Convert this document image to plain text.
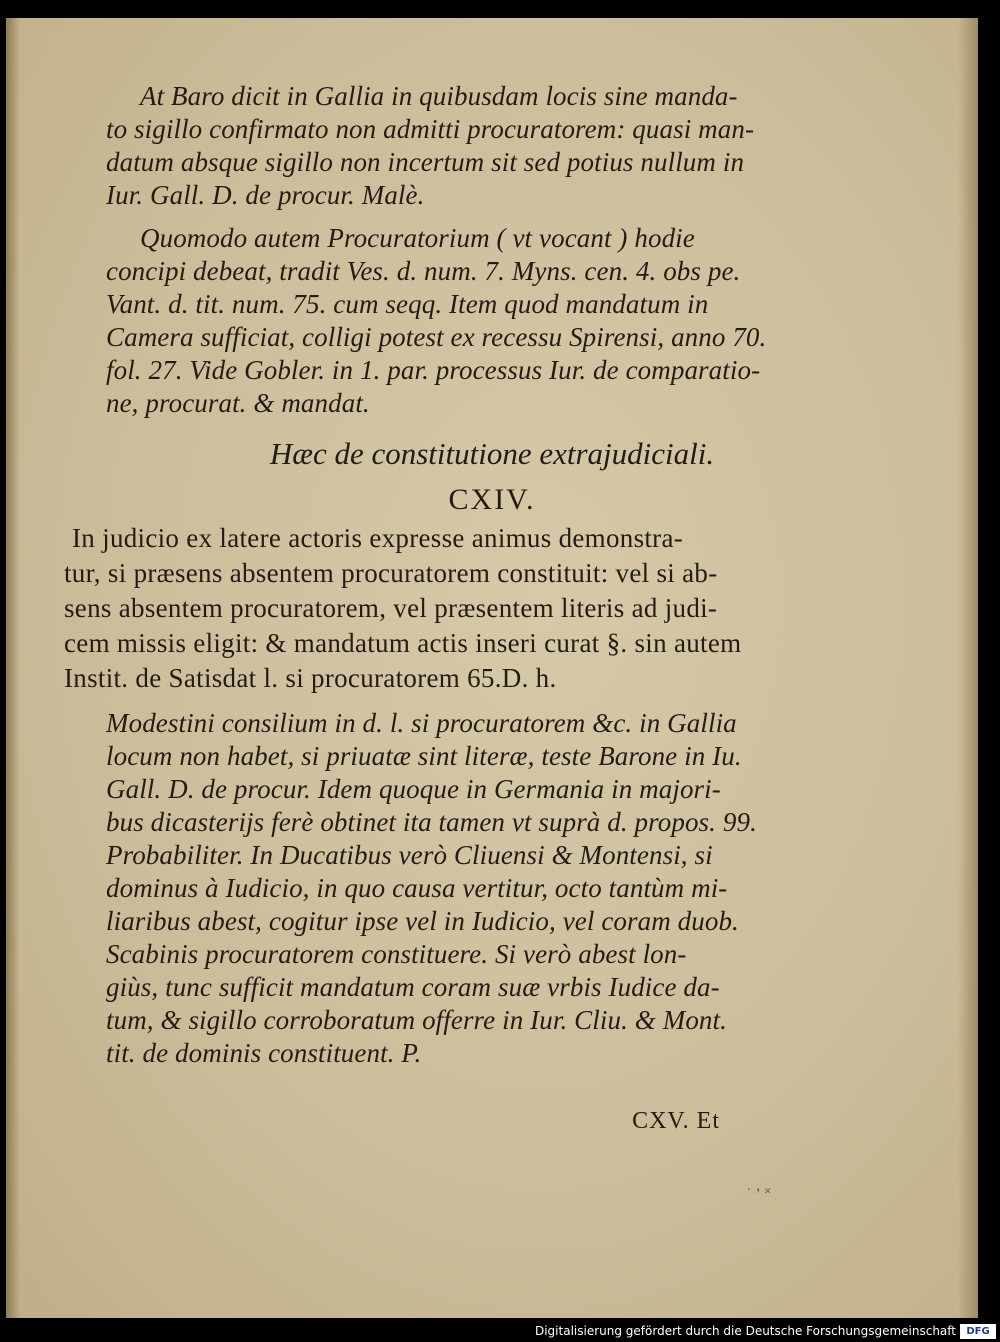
At Baro dicit in Gallia in quibusdam locis sine manda-
to sigillo confirmato non admitti procuratorem: quasi man-
datum absque sigillo non incertum sit sed potius nullum in
Iur. Gall. D. de procur. Malè.
Quomodo autem Procuratorium ( vt vocant ) hodie
concipi debeat, tradit Ves. d. num. 7. Myns. cen. 4. obs pe.
Vant. d. tit. num. 75. cum seqq. Item quod mandatum in
Camera sufficiat, colligi potest ex recessu Spirensi, anno 70.
fol. 27. Vide Gobler. in 1. par. processus Iur. de comparatio-
ne, procurat. & mandat.
Hæc de constitutione extrajudiciali.
CXIV.
In judicio ex latere actoris expresse animus demonstra-
tur, si præsens absentem procuratorem constituit: vel si ab-
sens absentem procuratorem, vel præsentem literis ad judi-
cem missis eligit: & mandatum actis inseri curat §. sin autem
Instit. de Satisdat l. si procuratorem 65.D. h.
Modestini consilium in d. l. si procuratorem &c. in Gallia
locum non habet, si priuatæ sint literæ, teste Barone in Iu.
Gall. D. de procur. Idem quoque in Germania in majori-
bus dicasterijs ferè obtinet ita tamen vt suprà d. propos. 99.
Probabiliter. In Ducatibus verò Cliuensi & Montensi, si
dominus à Iudicio, in quo causa vertitur, octo tantùm mi-
liaribus abest, cogitur ipse vel in Iudicio, vel coram duob.
Scabinis procuratorem constituere. Si verò abest lon-
giùs, tunc sufficit mandatum coram suæ vrbis Iudice da-
tum, & sigillo corroboratum offerre in Iur. Cliu. & Mont.
tit. de dominis constituent. P.
CXV. Et
˙ ʼ ˟
Digitalisierung gefördert durch die Deutsche Forschungsgemeinschaft	DFG
